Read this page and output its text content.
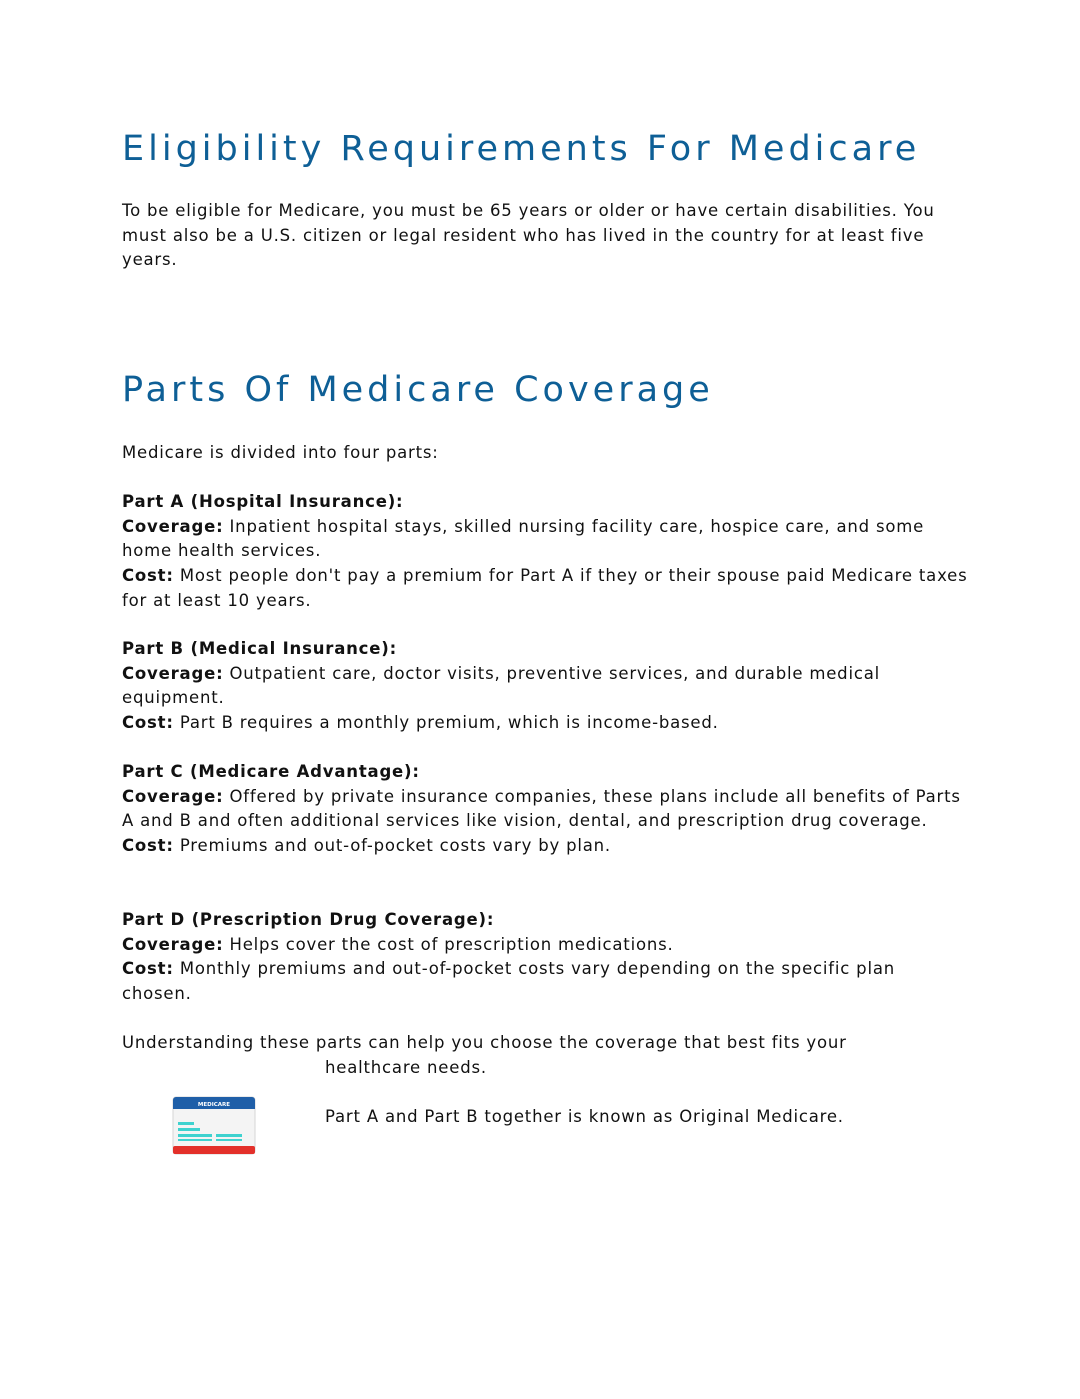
Eligibility Requirements For Medicare

To be eligible for Medicare, you must be 65 years or older or have certain disabilities. You must also be a U.S. citizen or legal resident who has lived in the country for at least five years.

Parts Of Medicare Coverage

Medicare is divided into four parts:

Part A (Hospital Insurance):
Coverage: Inpatient hospital stays, skilled nursing facility care, hospice care, and some home health services.
Cost: Most people don't pay a premium for Part A if they or their spouse paid Medicare taxes for at least 10 years.
Part B (Medical Insurance):
Coverage: Outpatient care, doctor visits, preventive services, and durable medical equipment.
Cost: Part B requires a monthly premium, which is income-based.
Part C (Medicare Advantage):
Coverage: Offered by private insurance companies, these plans include all benefits of Parts A and B and often additional services like vision, dental, and prescription drug coverage.
Cost: Premiums and out-of-pocket costs vary by plan.
Part D (Prescription Drug Coverage):
Coverage: Helps cover the cost of prescription medications.
Cost: Monthly premiums and out-of-pocket costs vary depending on the specific plan chosen.

Understanding these parts can help you choose the coverage that best fits your
healthcare needs.

Part A and Part B together is known as Original Medicare.

MEDICARE
